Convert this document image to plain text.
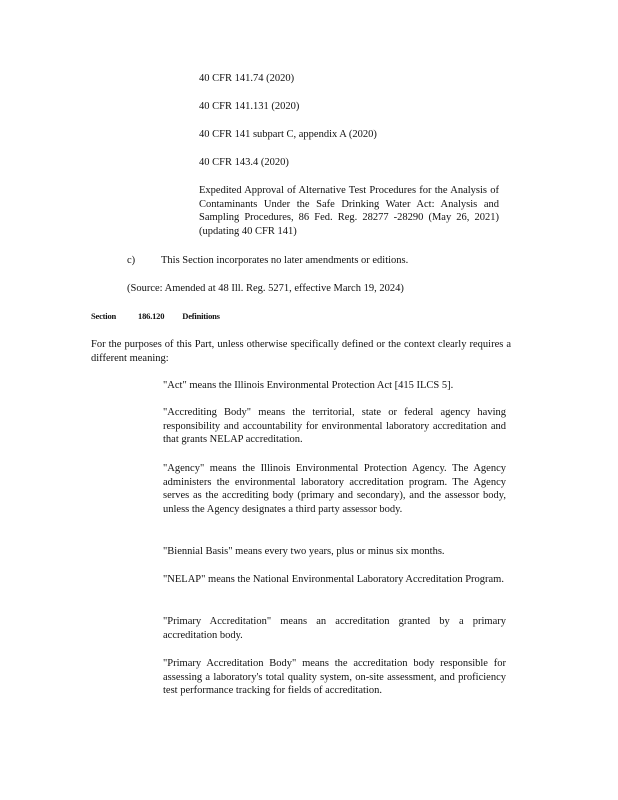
40 CFR 141.74 (2020)

40 CFR 141.131 (2020)

40 CFR 141 subpart C, appendix A (2020)

40 CFR 143.4 (2020)

Expedited Approval of Alternative Test Procedures for the Analysis of Contaminants Under the Safe Drinking Water Act: Analysis and Sampling Procedures, 86 Fed. Reg. 28277 -28290 (May 26, 2021) (updating 40 CFR 141)

c) This Section incorporates no later amendments or editions.

(Source: Amended at 48 Ill. Reg. 5271, effective March 19, 2024)

Section	186.120 Definitions

For the purposes of this Part, unless otherwise specifically defined or the context clearly requires a different meaning:

"Act" means the Illinois Environmental Protection Act [415 ILCS 5].

"Accrediting Body" means the territorial, state or federal agency having responsibility and accountability for environmental laboratory accreditation and that grants NELAP accreditation.

"Agency" means the Illinois Environmental Protection Agency. The Agency administers the environmental laboratory accreditation program. The Agency serves as the accrediting body (primary and secondary), and the assessor body, unless the Agency designates a third party assessor body.

"Biennial Basis" means every two years, plus or minus six months.

"NELAP" means the National Environmental Laboratory Accreditation Program.

"Primary Accreditation" means an accreditation granted by a primary accreditation body.

"Primary Accreditation Body" means the accreditation body responsible for assessing a laboratory's total quality system, on-site assessment, and proficiency test performance tracking for fields of accreditation.
